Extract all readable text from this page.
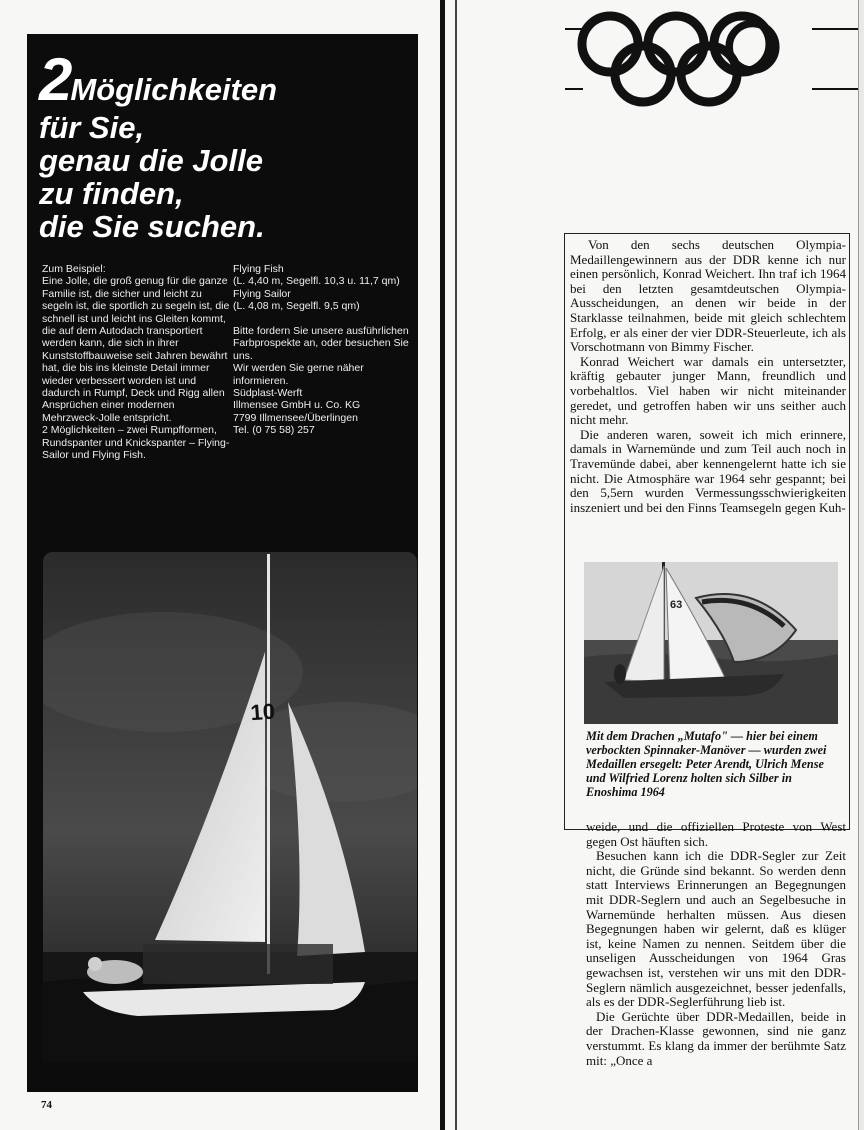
2Möglichkeiten
für Sie,
genau die Jolle
zu finden,
die Sie suchen.
Zum Beispiel:
Eine Jolle, die groß genug für die ganze Familie ist, die sicher und leicht zu segeln ist, die sportlich zu segeln ist, die schnell ist und leicht ins Gleiten kommt, die auf dem Autodach transportiert werden kann, die sich in ihrer Kunststoffbauweise seit Jahren bewährt hat, die bis ins kleinste Detail immer wieder verbessert worden ist und dadurch in Rumpf, Deck und Rigg allen Ansprüchen einer modernen Mehrzweck-Jolle entspricht.
2 Möglichkeiten – zwei Rumpfformen, Rundspanter und Knickspanter – Flying-Sailor und Flying Fish.
Flying Fish
(L. 4,40 m, Segelfl. 10,3 u. 11,7 qm)
Flying Sailor
(L. 4,08 m, Segelfl. 9,5 qm)

Bitte fordern Sie unsere ausführlichen Farbprospekte an, oder besuchen Sie uns.
Wir werden Sie gerne näher informieren.
Südplast-Werft
Illmensee GmbH u. Co. KG
7799 Illmensee/Überlingen
Tel. (0 75 58) 257
10
74

Von den sechs deutschen Olympia-Medaillengewinnern aus der DDR kenne ich nur einen persönlich, Konrad Weichert. Ihn traf ich 1964 bei den letzten gesamtdeutschen Olympia-Ausscheidungen, an denen wir beide in der Starklasse teilnahmen, beide mit gleich schlechtem Erfolg, er als einer der vier DDR-Steuerleute, ich als Vorschotmann von Bimmy Fischer.

Konrad Weichert war damals ein untersetzter, kräftig gebauter junger Mann, freundlich und vorbehaltlos. Viel haben wir nicht miteinander geredet, und getroffen haben wir uns seither auch nicht mehr.

Die anderen waren, soweit ich mich erinnere, damals in Warnemünde und zum Teil auch noch in Travemünde dabei, aber kennengelernt hatte ich sie nicht. Die Atmosphäre war 1964 sehr gespannt; bei den 5,5ern wurden Vermessungsschwierigkeiten inszeniert und bei den Finns Teamsegeln gegen Kuh-

63
Mit dem Drachen „Mutafo" — hier bei einem verbockten Spinnaker-Manöver — wurden zwei Medaillen ersegelt: Peter Arendt, Ulrich Mense und Wilfried Lorenz holten sich Silber in Enoshima 1964

weide, und die offiziellen Proteste von West gegen Ost häuften sich.

Besuchen kann ich die DDR-Segler zur Zeit nicht, die Gründe sind bekannt. So werden denn statt Interviews Erinnerungen an Begegnungen mit DDR-Seglern und auch an Segelbesuche in Warnemünde herhalten müssen. Aus diesen Begegnungen haben wir gelernt, daß es klüger ist, keine Namen zu nennen. Seitdem über die unseligen Ausscheidungen von 1964 Gras gewachsen ist, verstehen wir uns mit den DDR-Seglern nämlich ausgezeichnet, besser jedenfalls, als es der DDR-Seglerführung lieb ist.

Die Gerüchte über DDR-Medaillen, beide in der Drachen-Klasse gewonnen, sind nie ganz verstummt. Es klang da immer der berühmte Satz mit: „Once a
